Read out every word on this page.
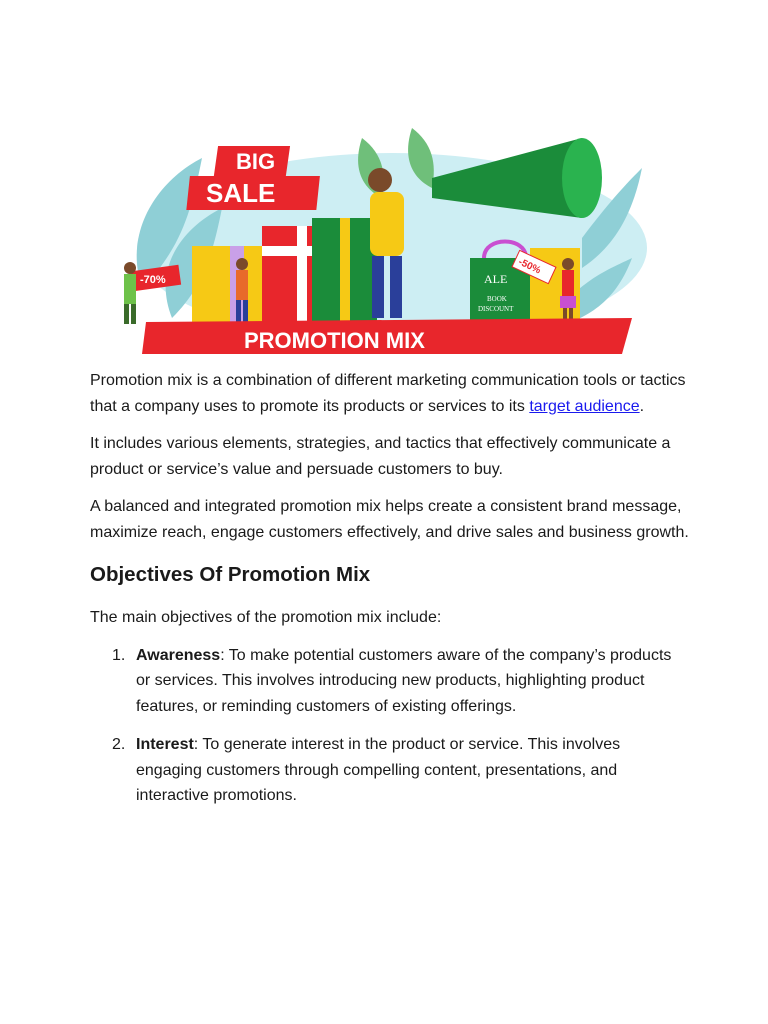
BIG
SALE
ALE
BOOK
DISCOUNT
-70%
-50%
PROMOTION MIX

Promotion mix is a combination of different marketing communication tools or tactics that a company uses to promote its products or services to its target audience.

It includes various elements, strategies, and tactics that effectively communicate a product or service’s value and persuade customers to buy.

A balanced and integrated promotion mix helps create a consistent brand message, maximize reach, engage customers effectively, and drive sales and business growth.

Objectives Of Promotion Mix

The main objectives of the promotion mix include:

1. Awareness: To make potential customers aware of the company’s products or services. This involves introducing new products, highlighting product features, or reminding customers of existing offerings.
2. Interest: To generate interest in the product or service. This involves engaging customers through compelling content, presentations, and interactive promotions.
